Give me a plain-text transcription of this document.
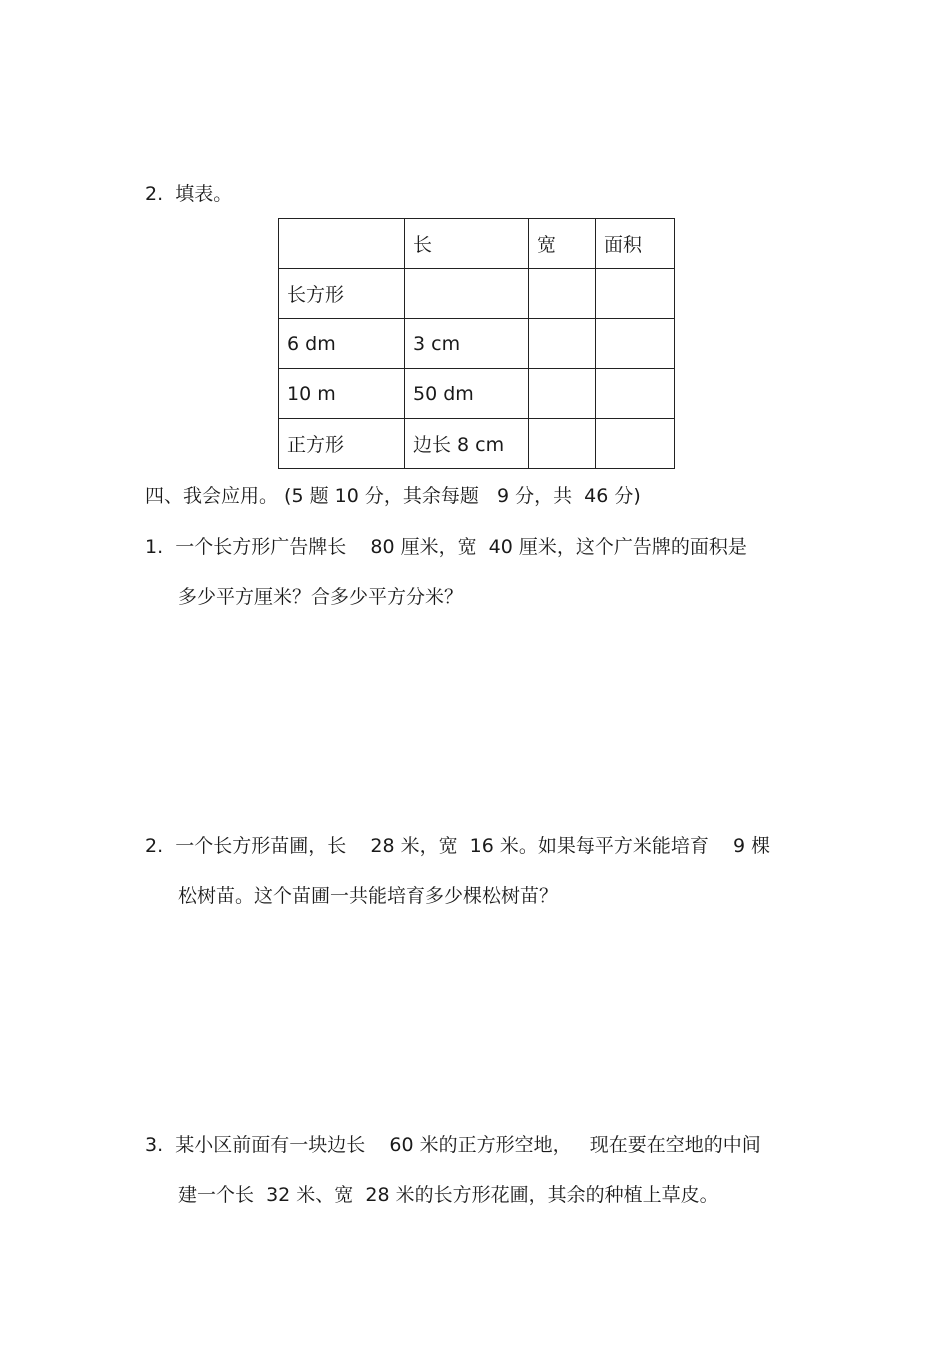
2.  填表。
	长	宽	面积
长方形			
6 dm	3 cm		
10 m	50 dm		
正方形	边长 8 cm		
四、我会应用。 (5 题 10 分，其余每题   9 分，共  46 分)
1.  一个长方形广告牌长    80 厘米，宽  40 厘米，这个广告牌的面积是
多少平方厘米？合多少平方分米？
2.  一个长方形苗圃，长    28 米，宽  16 米。如果每平方米能培育    9 棵
松树苗。这个苗圃一共能培育多少棵松树苗？
3.  某小区前面有一块边长    60 米的正方形空地，   现在要在空地的中间
建一个长  32 米、宽  28 米的长方形花圃，其余的种植上草皮。
